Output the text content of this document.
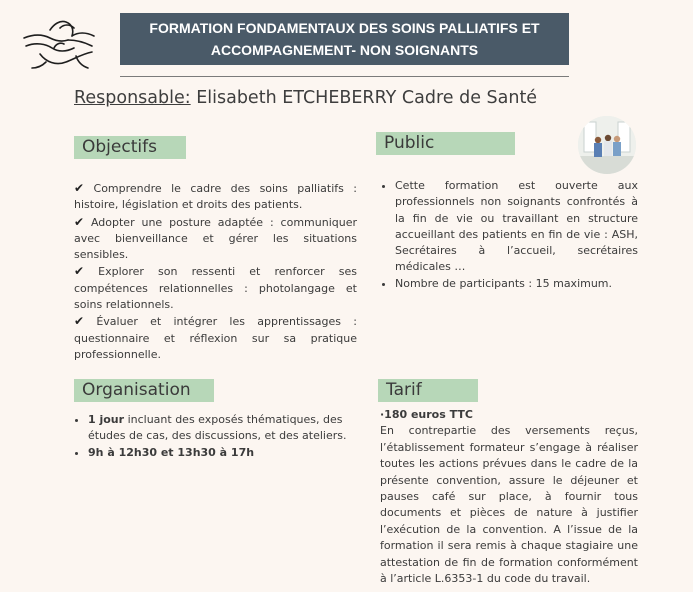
FORMATION FONDAMENTAUX DES SOINS PALLIATIFS ET
ACCOMPAGNEMENT- NON SOIGNANTS
Responsable: Elisabeth ETCHEBERRY Cadre de Santé
Objectifs
✔ Comprendre le cadre des soins palliatifs : histoire, législation et droits des patients.
✔ Adopter une posture adaptée : communiquer avec bienveillance et gérer les situations sensibles.
✔ Explorer son ressenti et renforcer ses compétences relationnelles : photolangage et soins relationnels.
✔ Évaluer et intégrer les apprentissages : questionnaire et réflexion sur sa pratique professionnelle.
Public
• Cette formation est ouverte aux professionnels non soignants confrontés à la fin de vie ou travaillant en structure accueillant des patients en fin de vie : ASH, Secrétaires à l’accueil, secrétaires médicales …
• Nombre de participants : 15 maximum.
Organisation
• 1 jour incluant des exposés thématiques, des études de cas, des discussions, et des ateliers.
• 9h à 12h30 et 13h30 à 17h
Tarif
·180 euros TTC
En contrepartie des versements reçus, l’établissement formateur s’engage à réaliser toutes les actions prévues dans le cadre de la présente convention, assure le déjeuner et pauses café sur place, à fournir tous documents et pièces de nature à justifier l’exécution de la convention. A l’issue de la formation il sera remis à chaque stagiaire une attestation de fin de formation conformément à l’article L.6353-1 du code du travail.
